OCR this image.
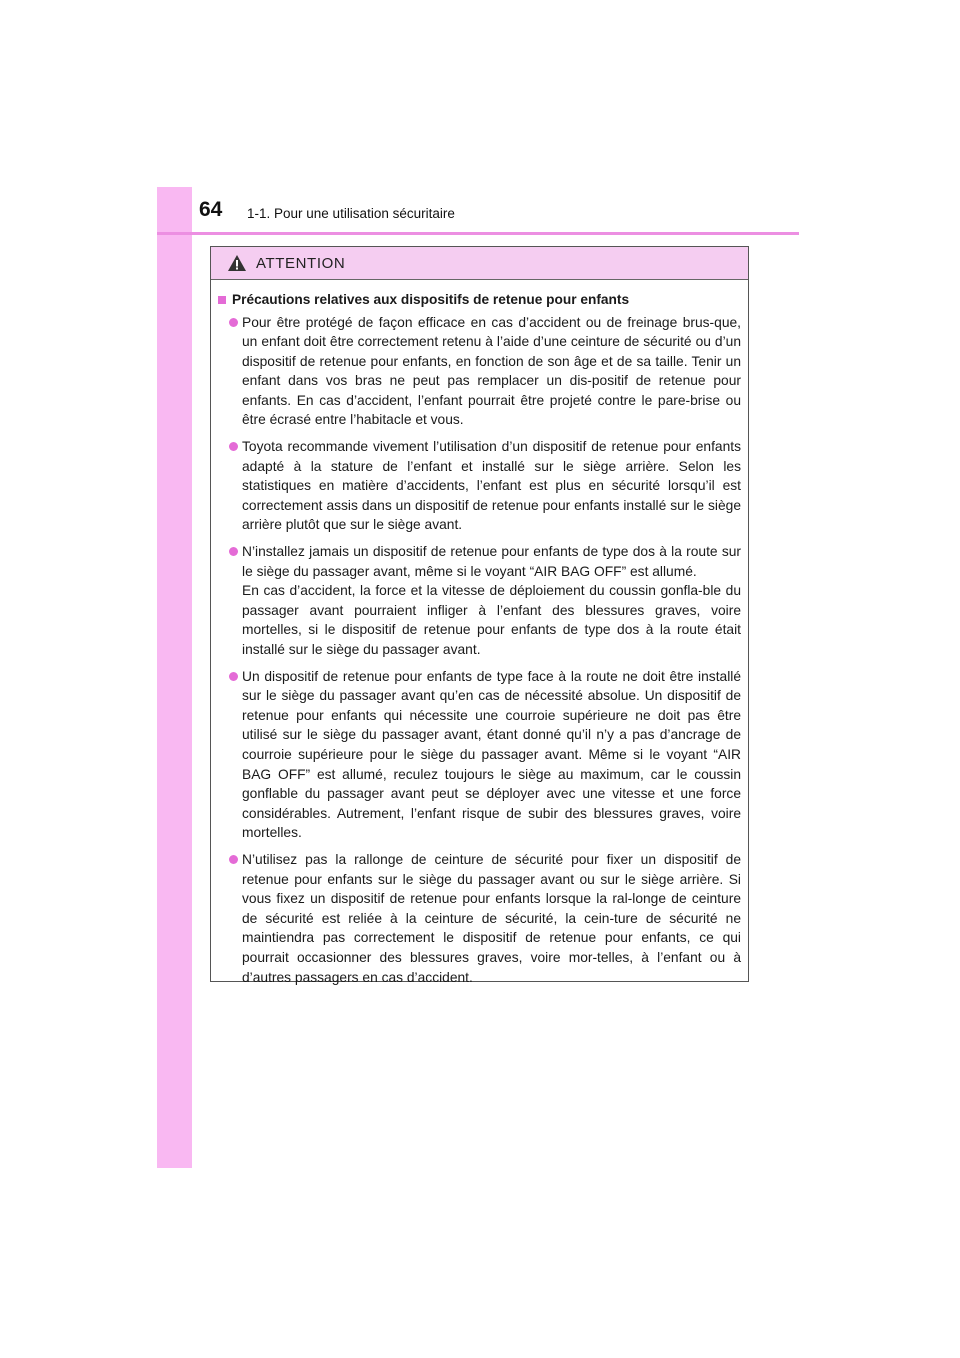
64 1-1. Pour une utilisation sécuritaire
ATTENTION
Précautions relatives aux dispositifs de retenue pour enfants

Pour être protégé de façon efficace en cas d’accident ou de freinage brus-que, un enfant doit être correctement retenu à l’aide d’une ceinture de sécurité ou d’un dispositif de retenue pour enfants, en fonction de son âge et de sa taille. Tenir un enfant dans vos bras ne peut pas remplacer un dis-positif de retenue pour enfants. En cas d’accident, l’enfant pourrait être projeté contre le pare-brise ou être écrasé entre l’habitacle et vous.

Toyota recommande vivement l’utilisation d’un dispositif de retenue pour enfants adapté à la stature de l’enfant et installé sur le siège arrière. Selon les statistiques en matière d’accidents, l’enfant est plus en sécurité lorsqu’il est correctement assis dans un dispositif de retenue pour enfants installé sur le siège arrière plutôt que sur le siège avant.

N’installez jamais un dispositif de retenue pour enfants de type dos à la route sur le siège du passager avant, même si le voyant “AIR BAG OFF” est allumé.
En cas d’accident, la force et la vitesse de déploiement du coussin gonfla-ble du passager avant pourraient infliger à l’enfant des blessures graves, voire mortelles, si le dispositif de retenue pour enfants de type dos à la route était installé sur le siège du passager avant.

Un dispositif de retenue pour enfants de type face à la route ne doit être installé sur le siège du passager avant qu’en cas de nécessité absolue. Un dispositif de retenue pour enfants qui nécessite une courroie supérieure ne doit pas être utilisé sur le siège du passager avant, étant donné qu’il n’y a pas d’ancrage de courroie supérieure pour le siège du passager avant. Même si le voyant “AIR BAG OFF” est allumé, reculez toujours le siège au maximum, car le coussin gonflable du passager avant peut se déployer avec une vitesse et une force considérables. Autrement, l’enfant risque de subir des blessures graves, voire mortelles.

N’utilisez pas la rallonge de ceinture de sécurité pour fixer un dispositif de retenue pour enfants sur le siège du passager avant ou sur le siège arrière. Si vous fixez un dispositif de retenue pour enfants lorsque la ral-longe de ceinture de sécurité est reliée à la ceinture de sécurité, la cein-ture de sécurité ne maintiendra pas correctement le dispositif de retenue pour enfants, ce qui pourrait occasionner des blessures graves, voire mor-telles, à l’enfant ou à d’autres passagers en cas d’accident.
